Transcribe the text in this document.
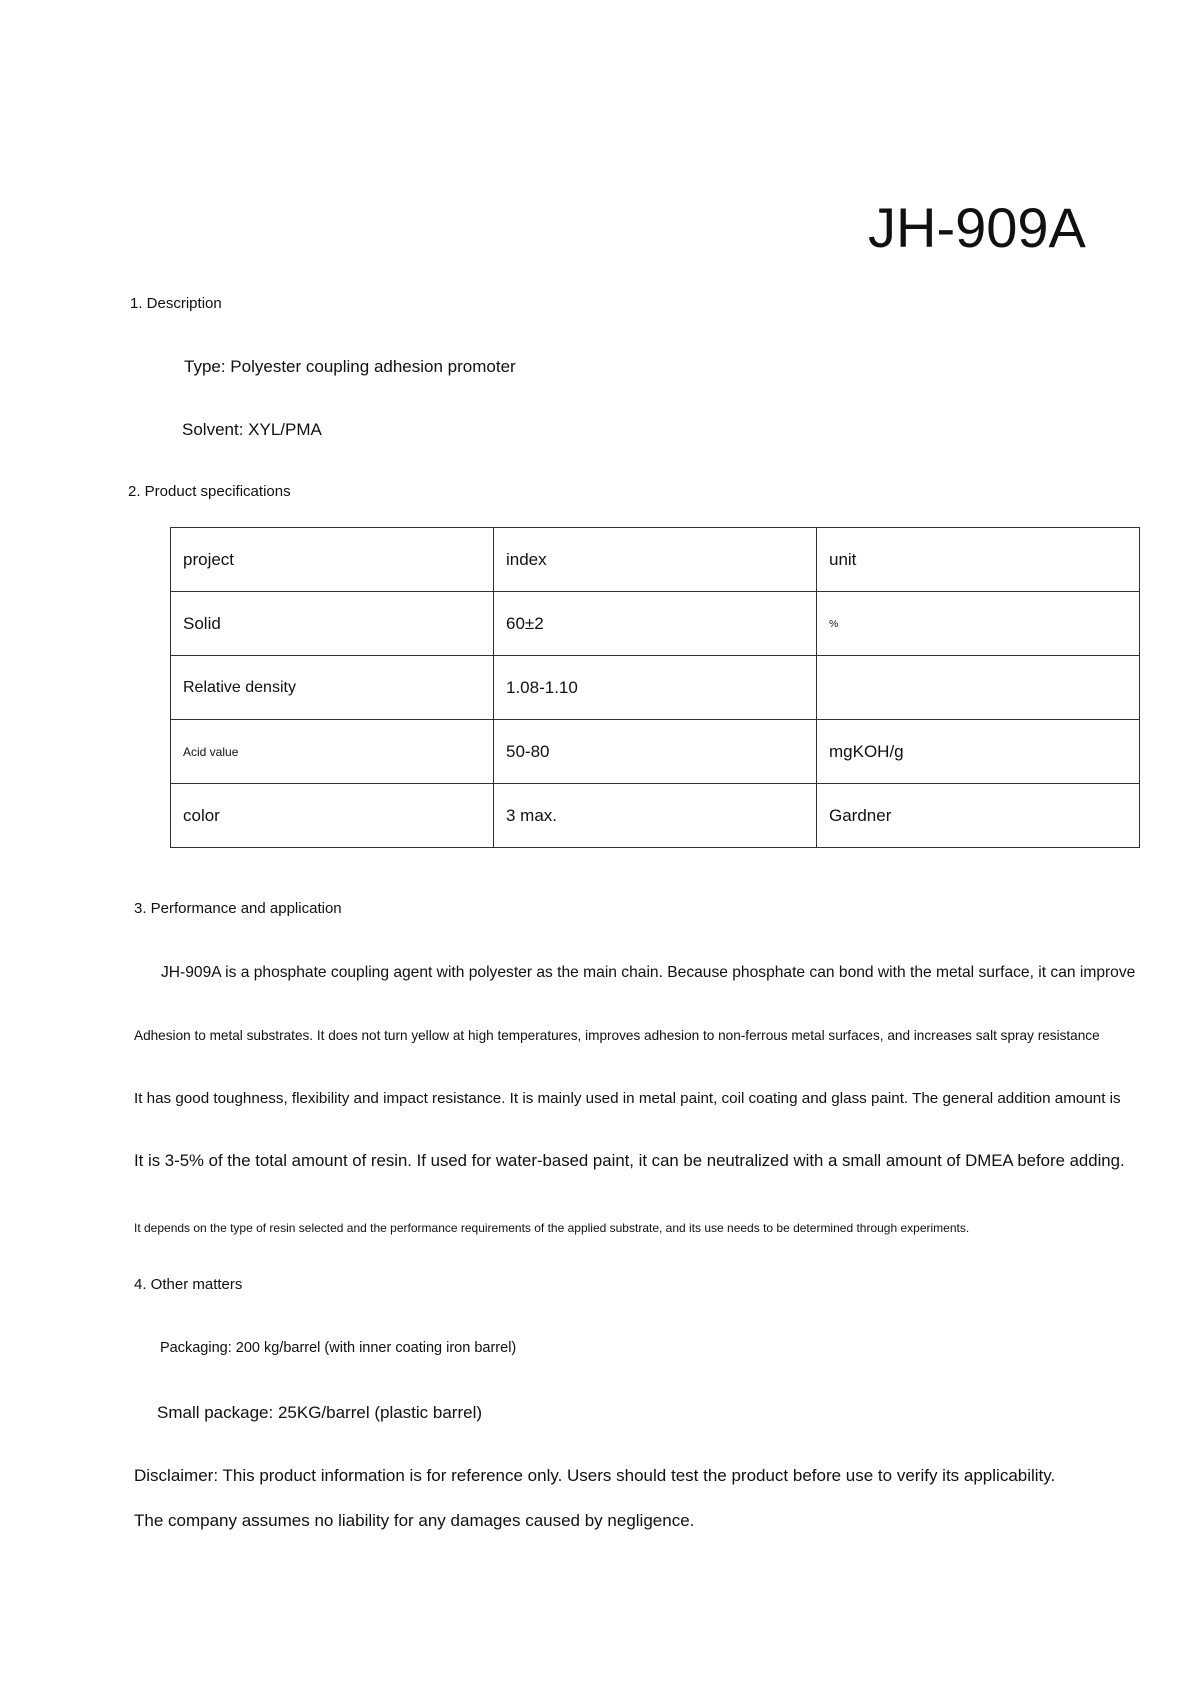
JH-909A
1. Description
Type: Polyester coupling adhesion promoter
Solvent: XYL/PMA
2. Product specifications
project	index	unit
Solid	60±2	%
Relative density	1.08-1.10	
Acid value	50-80	mgKOH/g
color	3 max.	Gardner
3. Performance and application
JH-909A is a phosphate coupling agent with polyester as the main chain. Because phosphate can bond with the metal surface, it can improve
Adhesion to metal substrates. It does not turn yellow at high temperatures, improves adhesion to non-ferrous metal surfaces, and increases salt spray resistance
It has good toughness, flexibility and impact resistance. It is mainly used in metal paint, coil coating and glass paint. The general addition amount is
It is 3-5% of the total amount of resin. If used for water-based paint, it can be neutralized with a small amount of DMEA before adding.
It depends on the type of resin selected and the performance requirements of the applied substrate, and its use needs to be determined through experiments.
4. Other matters
Packaging: 200 kg/barrel (with inner coating iron barrel)
Small package: 25KG/barrel (plastic barrel)
Disclaimer: This product information is for reference only. Users should test the product before use to verify its applicability.
The company assumes no liability for any damages caused by negligence.
